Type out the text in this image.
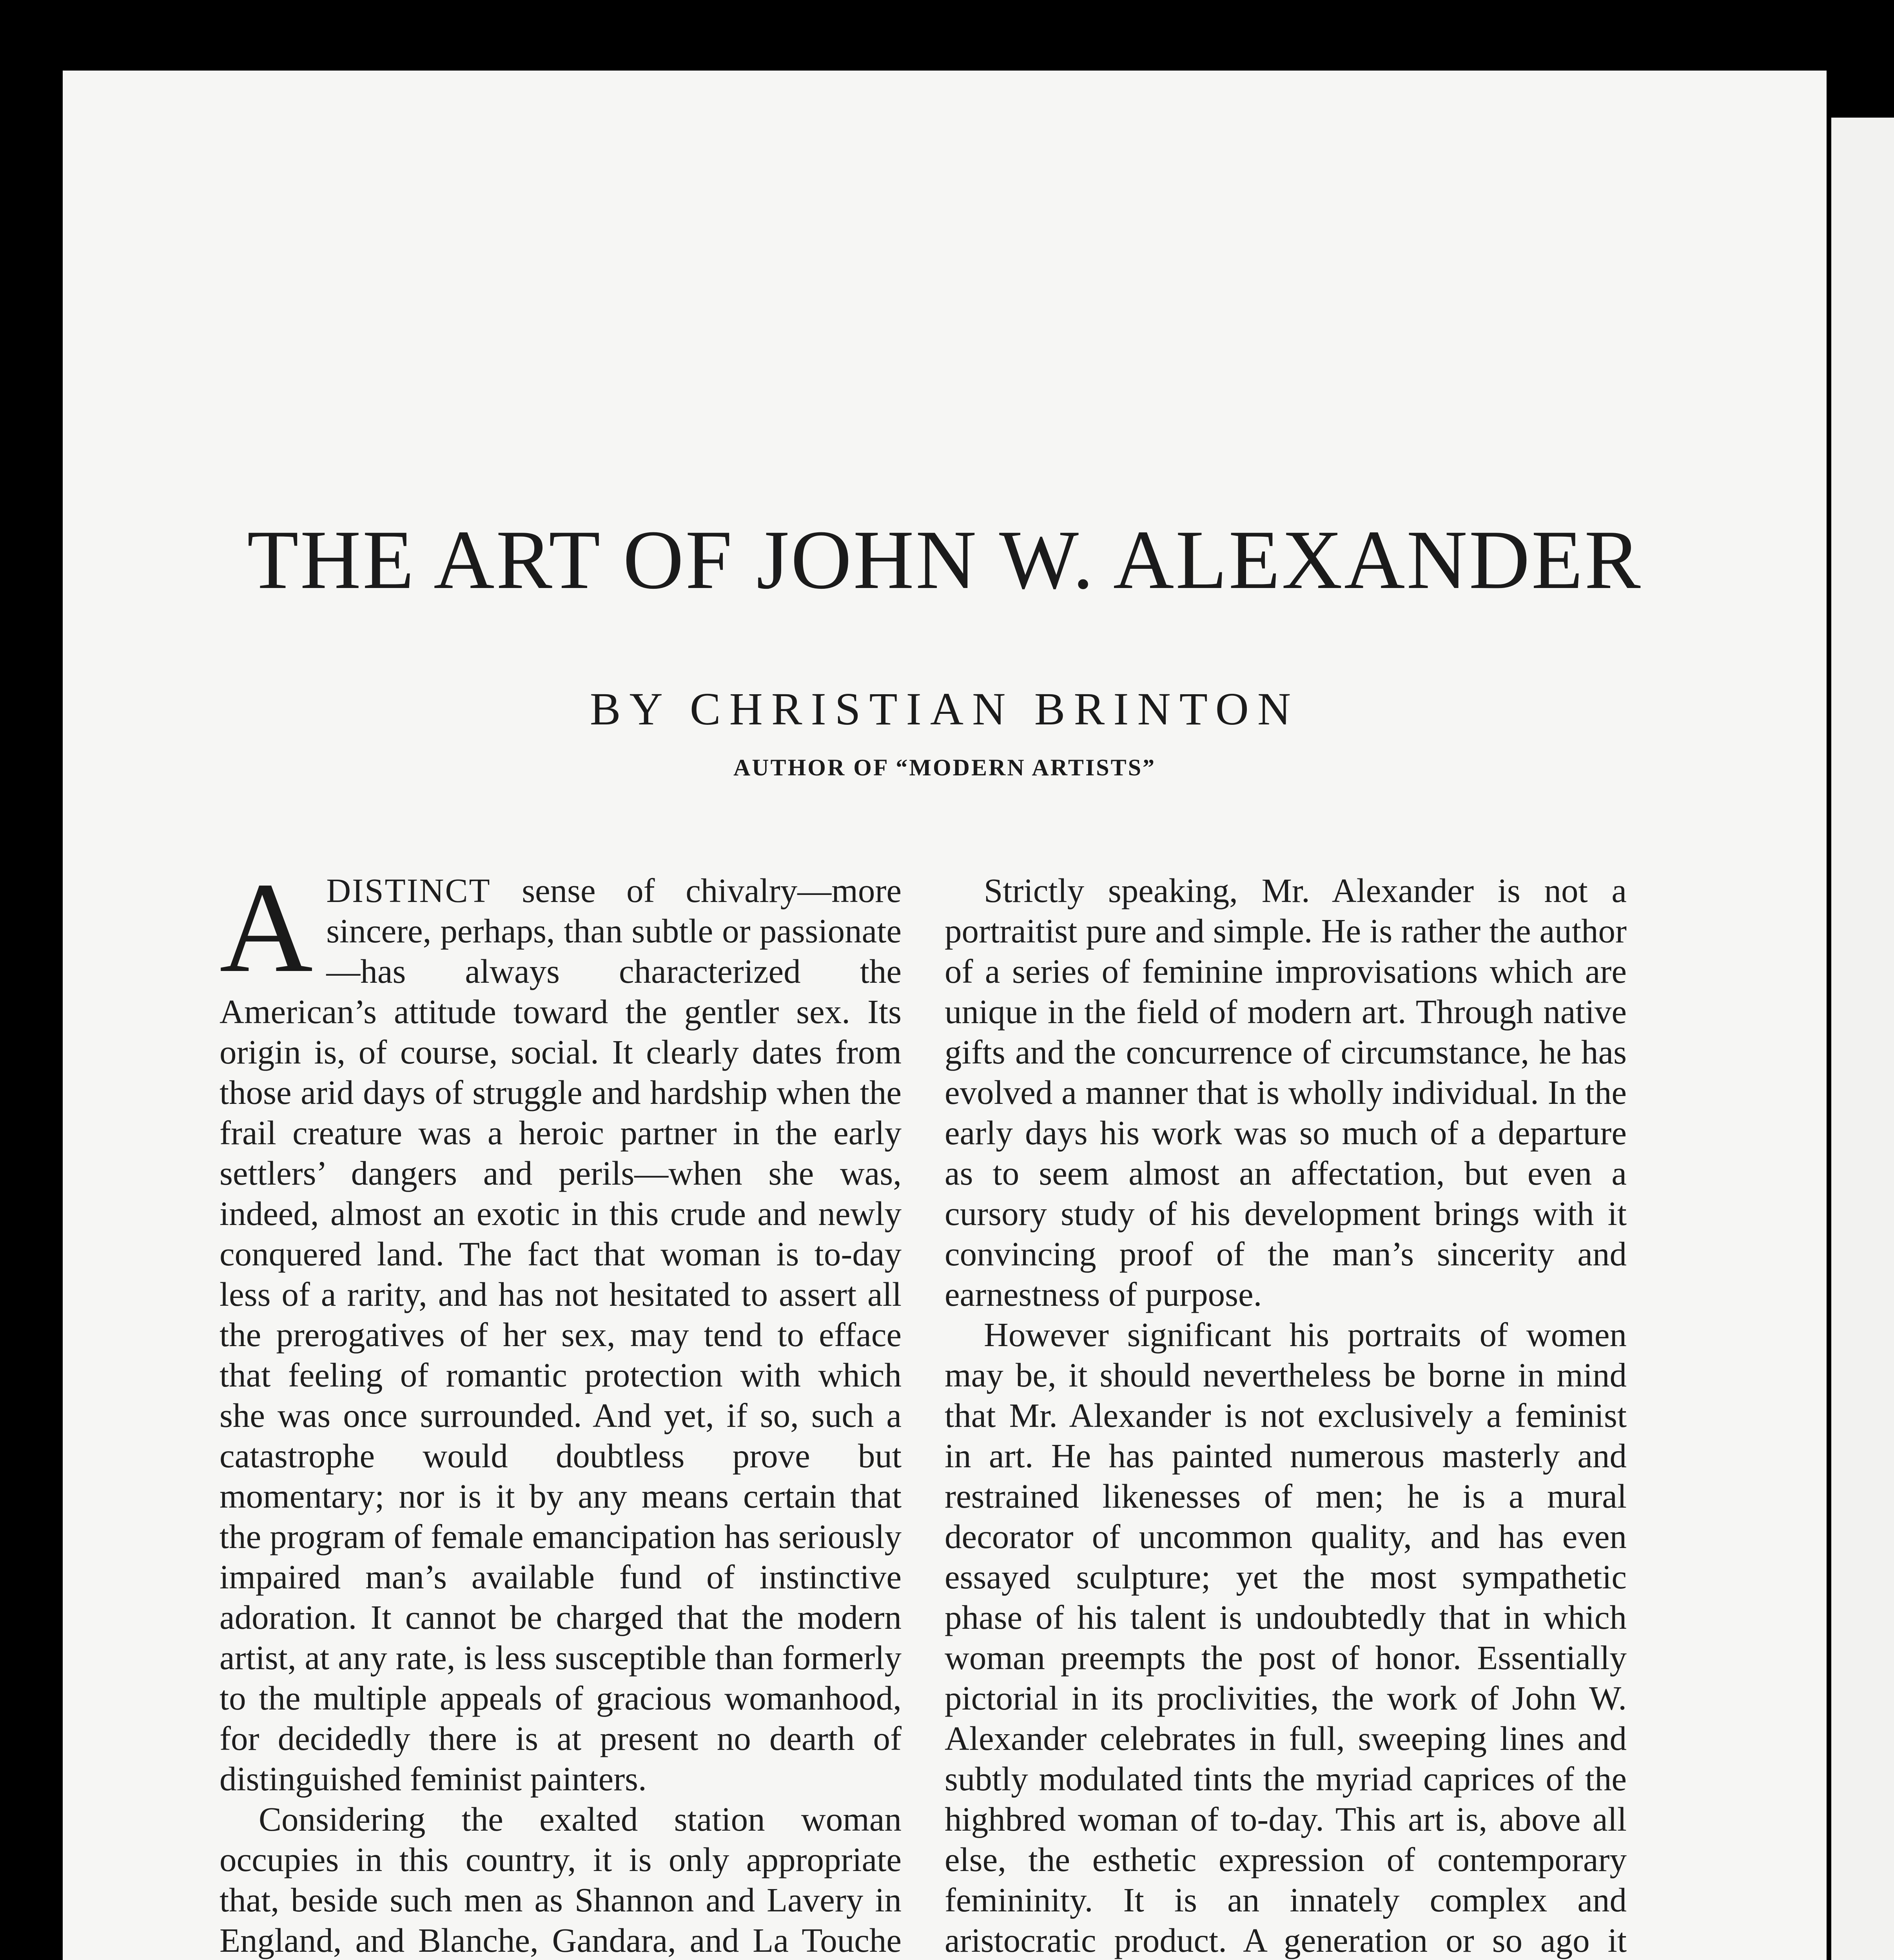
THE ART OF JOHN W. ALEXANDER
BY CHRISTIAN BRINTON
AUTHOR OF “MODERN ARTISTS”

ADISTINCT sense of chivalry—more sincere, perhaps, than subtle or passionate—has always characterized the American’s attitude toward the gentler sex. Its origin is, of course, social. It clearly dates from those arid days of struggle and hardship when the frail creature was a heroic partner in the early settlers’ dangers and perils—when she was, indeed, almost an exotic in this crude and newly conquered land. The fact that woman is to-day less of a rarity, and has not hesitated to assert all the prerogatives of her sex, may tend to efface that feeling of romantic protection with which she was once surrounded. And yet, if so, such a catastrophe would doubtless prove but momentary; nor is it by any means certain that the program of female emancipation has seriously impaired man’s available fund of instinctive adoration. It cannot be charged that the modern artist, at any rate, is less susceptible than formerly to the multiple appeals of gracious womanhood, for decidedly there is at present no dearth of distinguished feminist painters.

Considering the exalted station woman occupies in this country, it is only appropriate that, beside such men as Shannon and Lavery in England, and Blanche, Gandara, and La Touche

Strictly speaking, Mr. Alexander is not a portraitist pure and simple. He is rather the author of a series of feminine improvisations which are unique in the field of modern art. Through native gifts and the concurrence of circumstance, he has evolved a manner that is wholly individual. In the early days his work was so much of a departure as to seem almost an affectation, but even a cursory study of his development brings with it convincing proof of the man’s sincerity and earnestness of purpose.

However significant his portraits of women may be, it should nevertheless be borne in mind that Mr. Alexander is not exclusively a feminist in art. He has painted numerous masterly and restrained likenesses of men; he is a mural decorator of uncommon quality, and has even essayed sculpture; yet the most sympathetic phase of his talent is undoubtedly that in which woman preempts the post of honor. Essentially pictorial in its proclivities, the work of John W. Alexander celebrates in full, sweeping lines and subtly modulated tints the myriad caprices of the highbred woman of to-day. This art is, above all else, the esthetic expression of contemporary femininity. It is an innately complex and aristocratic product. A generation or so ago it
